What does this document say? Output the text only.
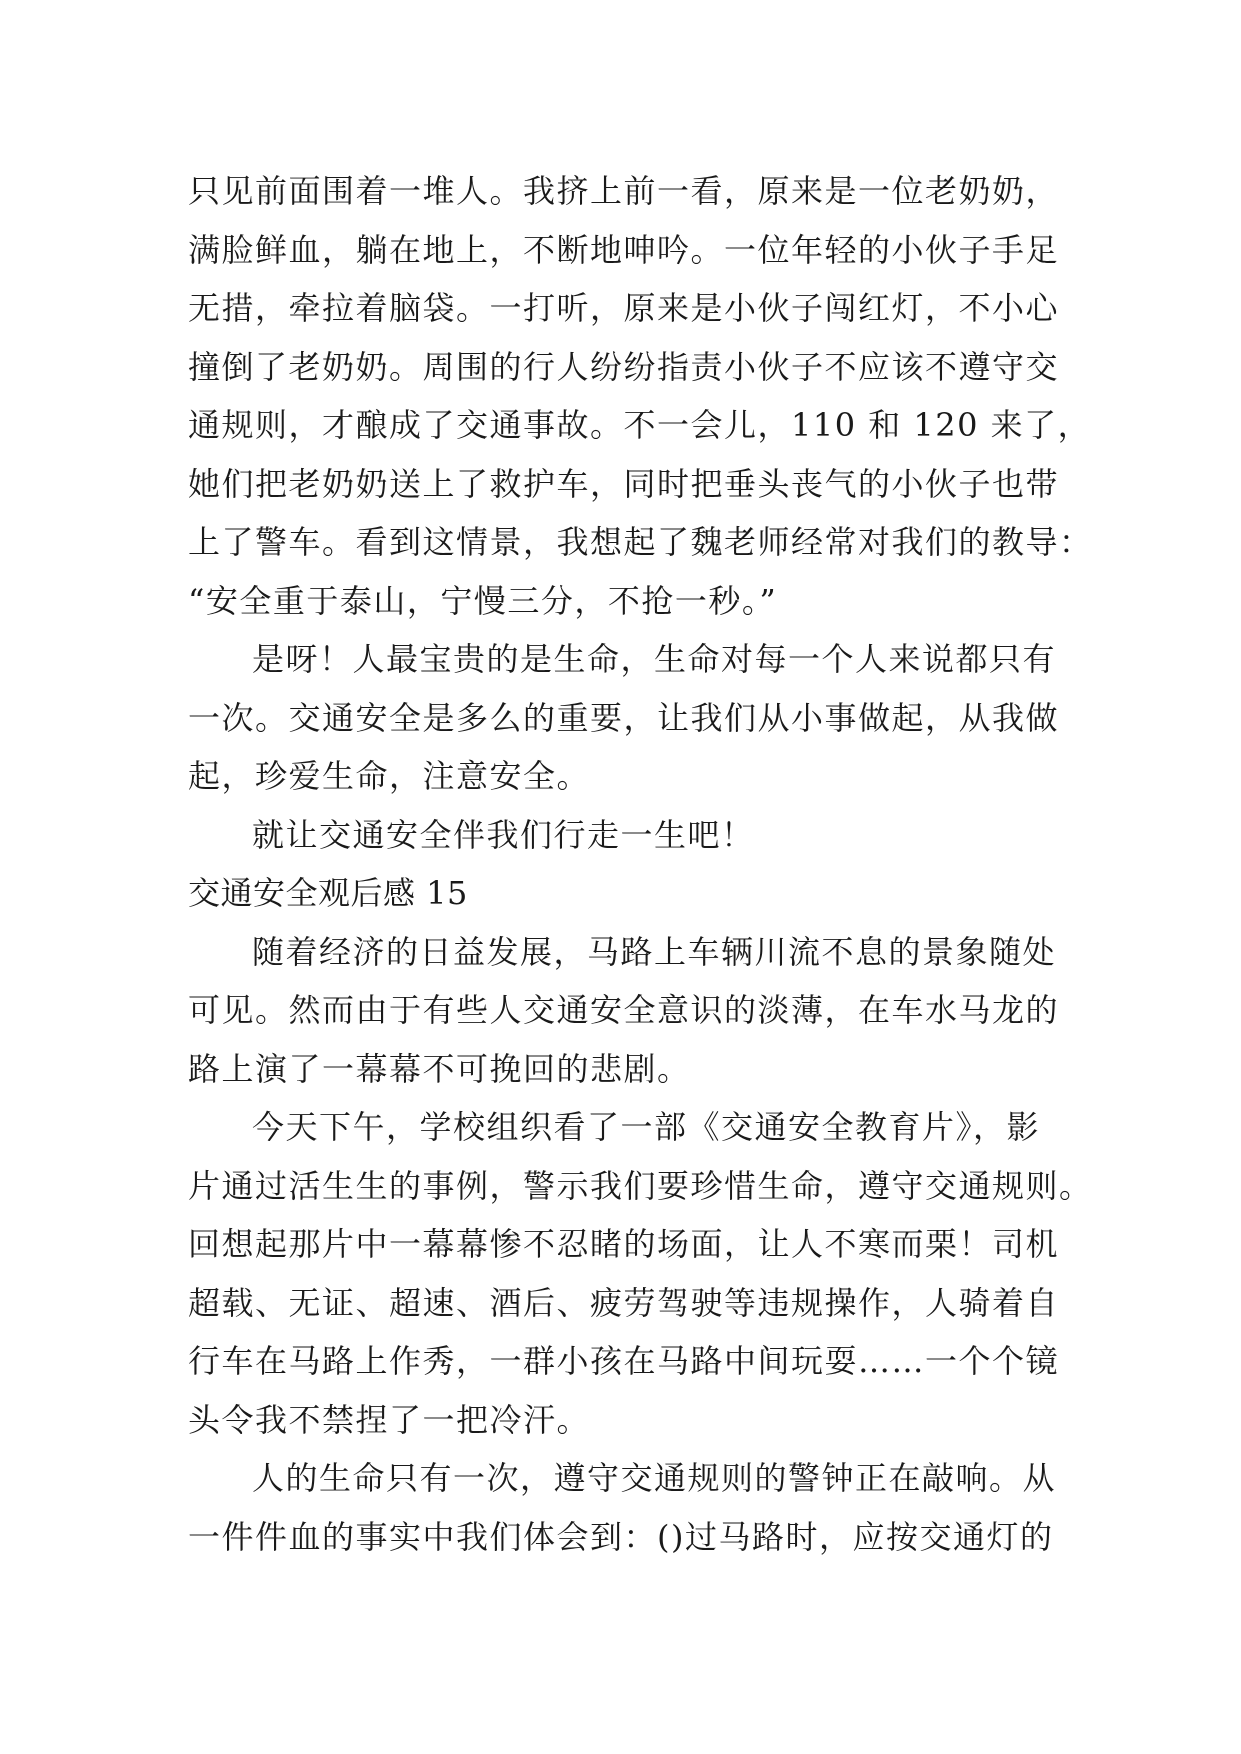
只见前面围着一堆人。我挤上前一看，原来是一位老奶奶，
满脸鲜血，躺在地上，不断地呻吟。一位年轻的小伙子手足
无措，牵拉着脑袋。一打听，原来是小伙子闯红灯，不小心
撞倒了老奶奶。周围的行人纷纷指责小伙子不应该不遵守交
通规则，才酿成了交通事故。不一会儿，110 和 120 来了，
她们把老奶奶送上了救护车，同时把垂头丧气的小伙子也带
上了警车。看到这情景，我想起了魏老师经常对我们的教导：
“安全重于泰山，宁慢三分，不抢一秒。”
是呀！人最宝贵的是生命，生命对每一个人来说都只有
一次。交通安全是多么的重要，让我们从小事做起，从我做
起，珍爱生命，注意安全。
就让交通安全伴我们行走一生吧！
交通安全观后感 15
随着经济的日益发展，马路上车辆川流不息的景象随处
可见。然而由于有些人交通安全意识的淡薄，在车水马龙的
路上演了一幕幕不可挽回的悲剧。
今天下午，学校组织看了一部《交通安全教育片》，影
片通过活生生的事例，警示我们要珍惜生命，遵守交通规则。
回想起那片中一幕幕惨不忍睹的场面，让人不寒而栗！司机
超载、无证、超速、酒后、疲劳驾驶等违规操作，人骑着自
行车在马路上作秀，一群小孩在马路中间玩耍……一个个镜
头令我不禁捏了一把冷汗。
人的生命只有一次，遵守交通规则的警钟正在敲响。从
一件件血的事实中我们体会到：()过马路时，应按交通灯的
